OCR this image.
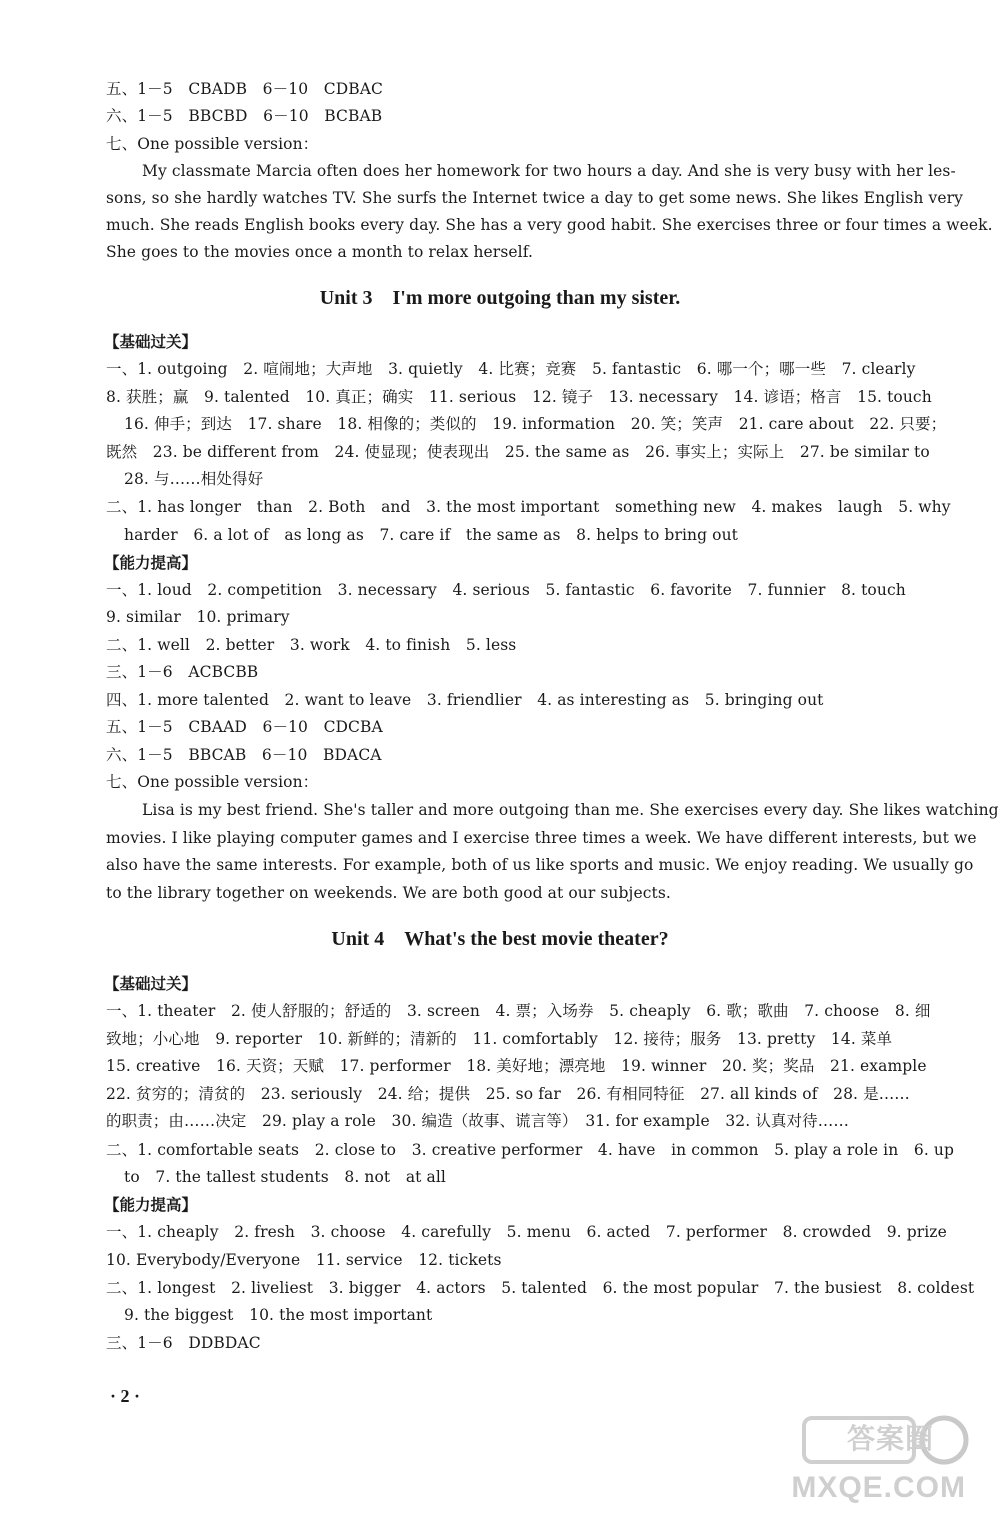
五、1－5　CBADB　6－10　CDBAC
六、1－5　BBCBD　6－10　BCBAB
七、One possible version：
My classmate Marcia often does her homework for two hours a day. And she is very busy with her les-
sons, so she hardly watches TV. She surfs the Internet twice a day to get some news. She likes English very
much. She reads English books every day. She has a very good habit. She exercises three or four times a week.
She goes to the movies once a month to relax herself.
Unit 3　I'm more outgoing than my sister.
【基础过关】
一、1. outgoing　2. 喧闹地；大声地　3. quietly　4. 比赛；竞赛　5. fantastic　6. 哪一个；哪一些　7. clearly
8. 获胜；赢　9. talented　10. 真正；确实　11. serious　12. 镜子　13. necessary　14. 谚语；格言　15. touch
16. 伸手；到达　17. share　18. 相像的；类似的　19. information　20. 笑；笑声　21. care about　22. 只要；
既然　23. be different from　24. 使显现；使表现出　25. the same as　26. 事实上；实际上　27. be similar to
28. 与……相处得好
二、1. has longer　than　2. Both　and　3. the most important　something new　4. makes　laugh　5. why
harder　6. a lot of　as long as　7. care if　the same as　8. helps to bring out
【能力提高】
一、1. loud　2. competition　3. necessary　4. serious　5. fantastic　6. favorite　7. funnier　8. touch
9. similar　10. primary
二、1. well　2. better　3. work　4. to finish　5. less
三、1－6　ACBCBB
四、1. more talented　2. want to leave　3. friendlier　4. as interesting as　5. bringing out
五、1－5　CBAAD　6－10　CDCBA
六、1－5　BBCAB　6－10　BDACA
七、One possible version：
Lisa is my best friend. She's taller and more outgoing than me. She exercises every day. She likes watching
movies. I like playing computer games and I exercise three times a week. We have different interests, but we
also have the same interests. For example, both of us like sports and music. We enjoy reading. We usually go
to the library together on weekends. We are both good at our subjects.
Unit 4　What's the best movie theater?
【基础过关】
一、1. theater　2. 使人舒服的；舒适的　3. screen　4. 票；入场券　5. cheaply　6. 歌；歌曲　7. choose　8. 细
致地；小心地　9. reporter　10. 新鲜的；清新的　11. comfortably　12. 接待；服务　13. pretty　14. 菜单
15. creative　16. 天资；天赋　17. performer　18. 美好地；漂亮地　19. winner　20. 奖；奖品　21. example
22. 贫穷的；清贫的　23. seriously　24. 给；提供　25. so far　26. 有相同特征　27. all kinds of　28. 是……
的职责；由……决定　29. play a role　30. 编造（故事、谎言等）　31. for example　32. 认真对待……
二、1. comfortable seats　2. close to　3. creative performer　4. have　in common　5. play a role in　6. up
to　7. the tallest students　8. not　at all
【能力提高】
一、1. cheaply　2. fresh　3. choose　4. carefully　5. menu　6. acted　7. performer　8. crowded　9. prize
10. Everybody/Everyone　11. service　12. tickets
二、1. longest　2. liveliest　3. bigger　4. actors　5. talented　6. the most popular　7. the busiest　8. coldest
9. the biggest　10. the most important
三、1－6　DDBDAC
· 2 ·
答案圈
MXQE.COM
